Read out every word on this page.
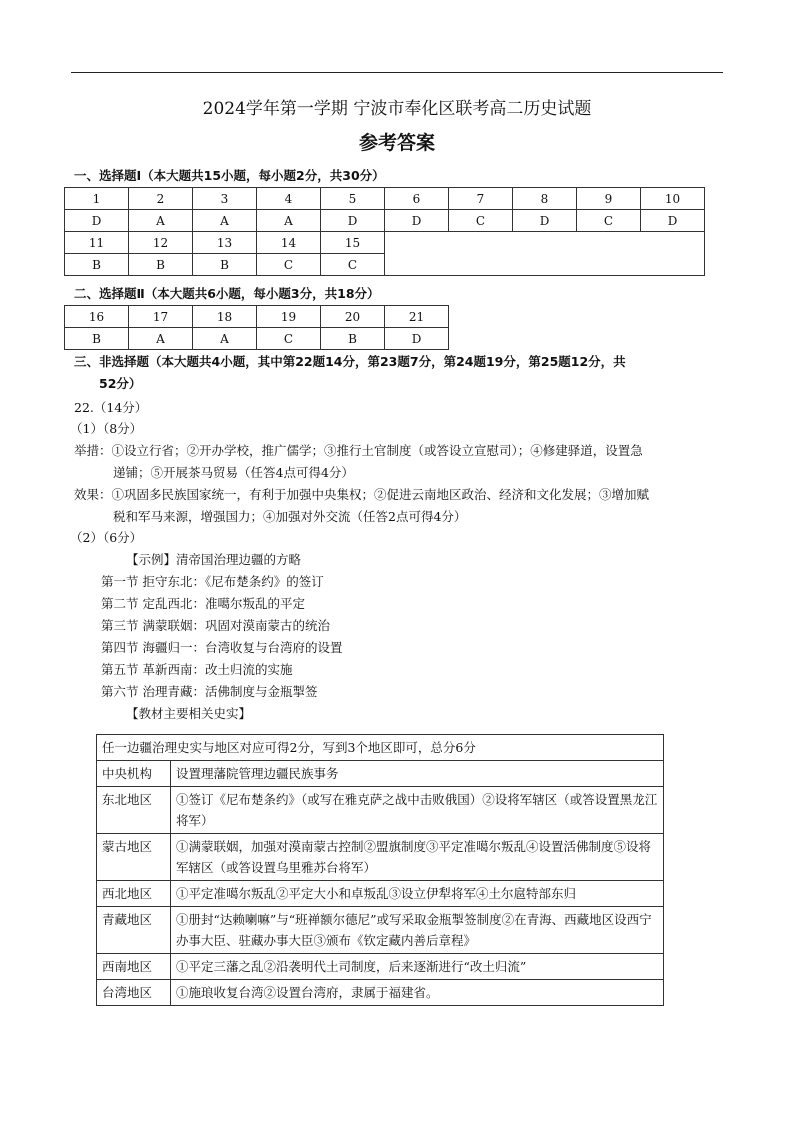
2024学年第一学期 宁波市奉化区联考高二历史试题
参考答案
一、选择题Ⅰ（本大题共15小题，每小题2分，共30分）
1	2	3	4	5	6	7	8	9	10
D	A	A	A	D	D	C	D	C	D
11	12	13	14	15					
B	B	B	C	C					
二、选择题Ⅱ（本大题共6小题，每小题3分，共18分）
16	17	18	19	20	21
B	A	A	C	B	D
三、非选择题（本大题共4小题，其中第22题14分，第23题7分，第24题19分，第25题12分，共
52分）
22.（14分）
（1）（8分）
举措：①设立行省；②开办学校，推广儒学；③推行土官制度（或答设立宣慰司）；④修建驿道，设置急
递铺；⑤开展茶马贸易（任答4点可得4分）
效果：①巩固多民族国家统一，有利于加强中央集权；②促进云南地区政治、经济和文化发展；③增加赋
税和军马来源，增强国力；④加强对外交流（任答2点可得4分）
（2）（6分）
【示例】清帝国治理边疆的方略
第一节 拒守东北：《尼布楚条约》的签订
第二节 定乱西北：准噶尔叛乱的平定
第三节 满蒙联姻：巩固对漠南蒙古的统治
第四节 海疆归一：台湾收复与台湾府的设置
第五节 革新西南：改土归流的实施
第六节 治理青藏：活佛制度与金瓶掣签
【教材主要相关史实】
任一边疆治理史实与地区对应可得2分，写到3个地区即可，总分6分	
中央机构	设置理藩院管理边疆民族事务
东北地区	①签订《尼布楚条约》（或写在雅克萨之战中击败俄国）②设将军辖区（或答设置黑龙江将军）
蒙古地区	①满蒙联姻，加强对漠南蒙古控制②盟旗制度③平定准噶尔叛乱④设置活佛制度⑤设将军辖区（或答设置乌里雅苏台将军）
西北地区	①平定准噶尔叛乱②平定大小和卓叛乱③设立伊犁将军④土尔扈特部东归
青藏地区	①册封“达赖喇嘛”与“班禅额尔德尼”或写采取金瓶掣签制度②在青海、西藏地区设西宁办事大臣、驻藏办事大臣③颁布《钦定藏内善后章程》
西南地区	①平定三藩之乱②沿袭明代土司制度，后来逐渐进行“改土归流”
台湾地区	①施琅收复台湾②设置台湾府，隶属于福建省。
